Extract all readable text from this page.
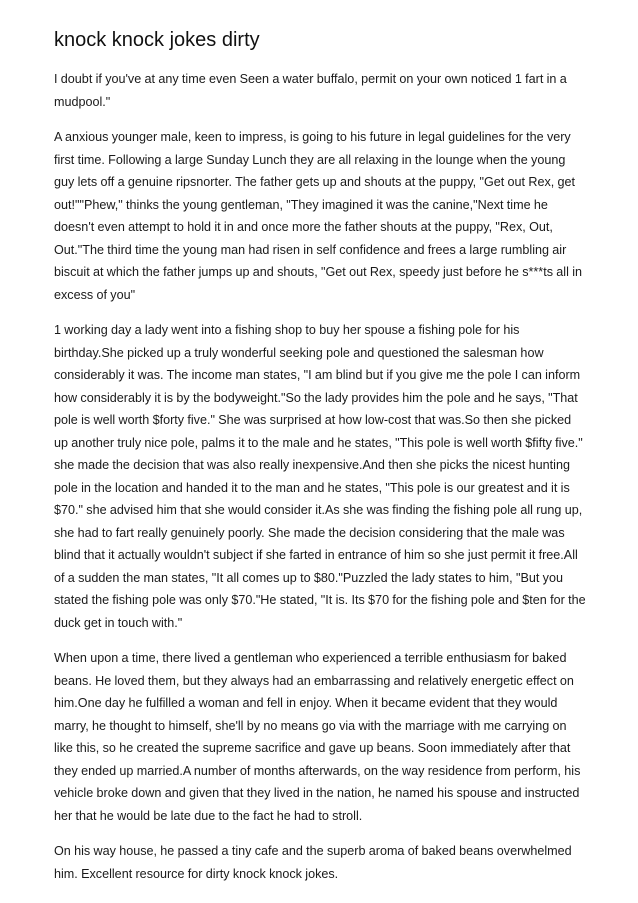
knock knock jokes dirty

I doubt if you've at any time even Seen a water buffalo, permit on your own noticed 1 fart in a mudpool."

A anxious younger male, keen to impress, is going to his future in legal guidelines for the very first time. Following a large Sunday Lunch they are all relaxing in the lounge when the young guy lets off a genuine ripsnorter. The father gets up and shouts at the puppy, "Get out Rex, get out!""Phew," thinks the young gentleman, "They imagined it was the canine,"Next time he doesn't even attempt to hold it in and once more the father shouts at the puppy, "Rex, Out, Out."The third time the young man had risen in self confidence and frees a large rumbling air biscuit at which the father jumps up and shouts, "Get out Rex, speedy just before he s***ts all in excess of you"

1 working day a lady went into a fishing shop to buy her spouse a fishing pole for his birthday.She picked up a truly wonderful seeking pole and questioned the salesman how considerably it was. The income man states, "I am blind but if you give me the pole I can inform how considerably it is by the bodyweight."So the lady provides him the pole and he says, "That pole is well worth $forty five." She was surprised at how low-cost that was.So then she picked up another truly nice pole, palms it to the male and he states, "This pole is well worth $fifty five." she made the decision that was also really inexpensive.And then she picks the nicest hunting pole in the location and handed it to the man and he states, "This pole is our greatest and it is $70." she advised him that she would consider it.As she was finding the fishing pole all rung up, she had to fart really genuinely poorly. She made the decision considering that the male was blind that it actually wouldn't subject if she farted in entrance of him so she just permit it free.All of a sudden the man states, "It all comes up to $80."Puzzled the lady states to him, "But you stated the fishing pole was only $70."He stated, "It is. Its $70 for the fishing pole and $ten for the duck get in touch with."

When upon a time, there lived a gentleman who experienced a terrible enthusiasm for baked beans. He loved them, but they always had an embarrassing and relatively energetic effect on him.One day he fulfilled a woman and fell in enjoy. When it became evident that they would marry, he thought to himself, she'll by no means go via with the marriage with me carrying on like this, so he created the supreme sacrifice and gave up beans. Soon immediately after that they ended up married.A number of months afterwards, on the way residence from perform, his vehicle broke down and given that they lived in the nation, he named his spouse and instructed her that he would be late due to the fact he had to stroll.

On his way house, he passed a tiny cafe and the superb aroma of baked beans overwhelmed him. Excellent resource for dirty knock knock jokes.
